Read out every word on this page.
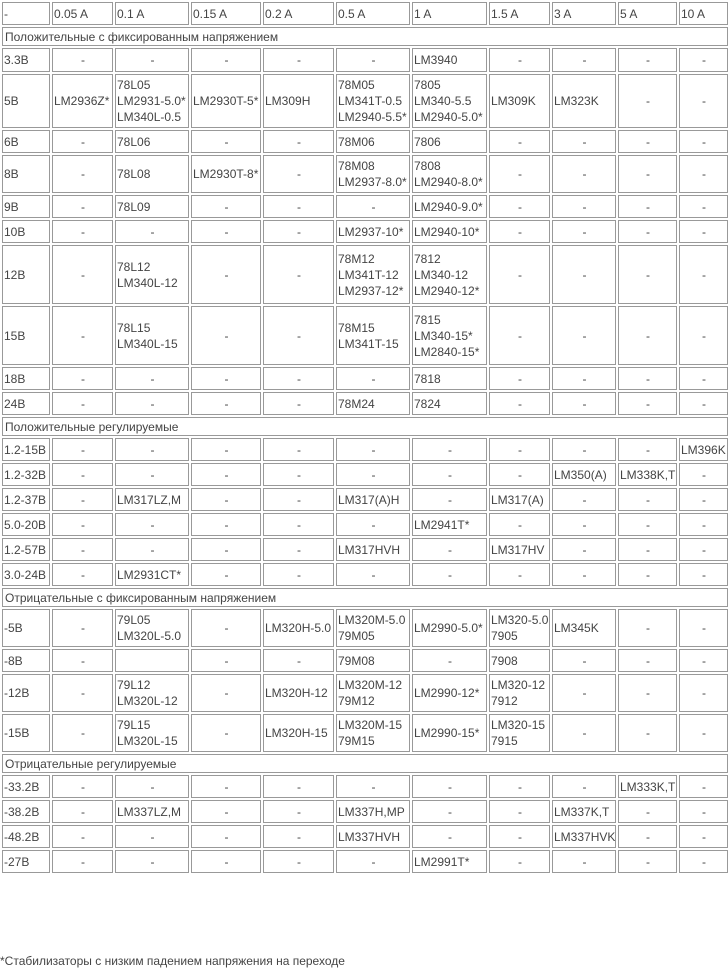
-	0.05 A	0.1 A	0.15 A	0.2 A	0.5 A	1 A	1.5 A	3 A	5 A	10 A
Положительные с фиксированным напряжением										

3.3В	-	-	-	-	-	LM3940	-	-	-	-

5В	LM2936Z*	78L05
LM2931-5.0*
LM340L-0.5	LM2930T-5*	LM309H	78M05
LM341T-0.5
LM2940-5.5*	7805
LM340-5.5
LM2940-5.0*	LM309K	LM323K	-	-

6В	-	78L06	-	-	78M06	7806	-	-	-	-

8В	-	78L08	LM2930T-8*	-	78M08
LM2937-8.0*	7808
LM2940-8.0*	-	-	-	-

9В	-	78L09	-	-	-	LM2940-9.0*	-	-	-	-

10В	-	-	-	-	LM2937-10*	LM2940-10*	-	-	-	-

12В	-	78L12
LM340L-12	-	-	78M12
LM341T-12
LM2937-12*	7812
LM340-12
LM2940-12*	-	-	-	-

15В	-	78L15
LM340L-15	-	-	78M15
LM341T-15	7815
LM340-15*
LM2840-15*	-	-	-	-

18В	-	-	-	-	-	7818	-	-	-	-

24В	-	-	-	-	78M24	7824	-	-	-	-

Положительные регулируемые										

1.2-15В	-	-	-	-	-	-	-	-	-	LM396K

1.2-32В	-	-	-	-	-	-	-	LM350(A)	LM338K,T	-

1.2-37В	-	LM317LZ,M	-	-	LM317(A)H	-	LM317(A)	-	-	-

5.0-20В	-	-	-	-	-	LM2941T*	-	-	-	-

1.2-57В	-	-	-	-	LM317HVH	-	LM317HV	-	-	-

3.0-24В	-	LM2931CT*	-	-	-	-	-	-	-	-

Отрицательные с фиксированным напряжением										

-5В	-	79L05
LM320L-5.0	-	LM320H-5.0	LM320M-5.0
79M05	LM2990-5.0*	LM320-5.0
7905	LM345K	-	-

-8В	-		-	-	79M08	-	7908	-	-	-

-12В	-	79L12
LM320L-12	-	LM320H-12	LM320M-12
79M12	LM2990-12*	LM320-12
7912	-	-	-

-15В	-	79L15
LM320L-15	-	LM320H-15	LM320M-15
79M15	LM2990-15*	LM320-15
7915	-	-	-

Отрицательные регулируемые										

-33.2В	-	-	-	-	-	-	-	-	LM333K,T	-

-38.2В	-	LM337LZ,M	-	-	LM337H,MP	-	-	LM337K,T	-	-

-48.2В	-	-	-	-	LM337HVH	-	-	LM337HVK	-	-

-27В	-	-	-	-	-	LM2991T*	-	-	-	-
*Стабилизаторы с низким падением напряжения на переходе
